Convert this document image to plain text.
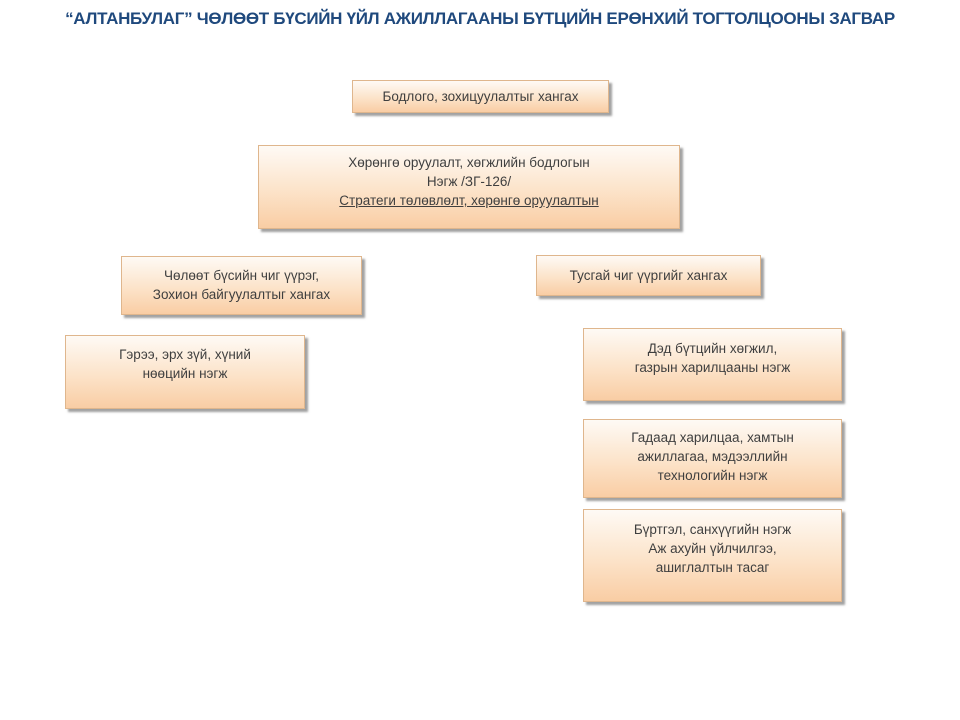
“АЛТАНБУЛАГ” ЧӨЛӨӨТ БҮСИЙН ҮЙЛ АЖИЛЛАГААНЫ БҮТЦИЙН ЕРӨНХИЙ ТОГТОЛЦООНЫ ЗАГВАР
Бодлого, зохицуулалтыг хангах
Хөрөнгө оруулалт, хөгжлийн бодлогын
Нэгж /ЗГ-126/
Стратеги төлөвлөлт, хөрөнгө оруулалтын
Чөлөөт бүсийн чиг үүрэг,
Зохион байгуулалтыг хангах
Тусгай чиг үүргийг хангах
Гэрээ, эрх зүй, хүний
нөөцийн нэгж
Дэд бүтцийн хөгжил,
газрын харилцааны нэгж
Гадаад харилцаа, хамтын
ажиллагаа, мэдээллийн
технологийн нэгж
Бүртгэл, санхүүгийн нэгж
Аж ахуйн үйлчилгээ,
ашиглалтын тасаг
